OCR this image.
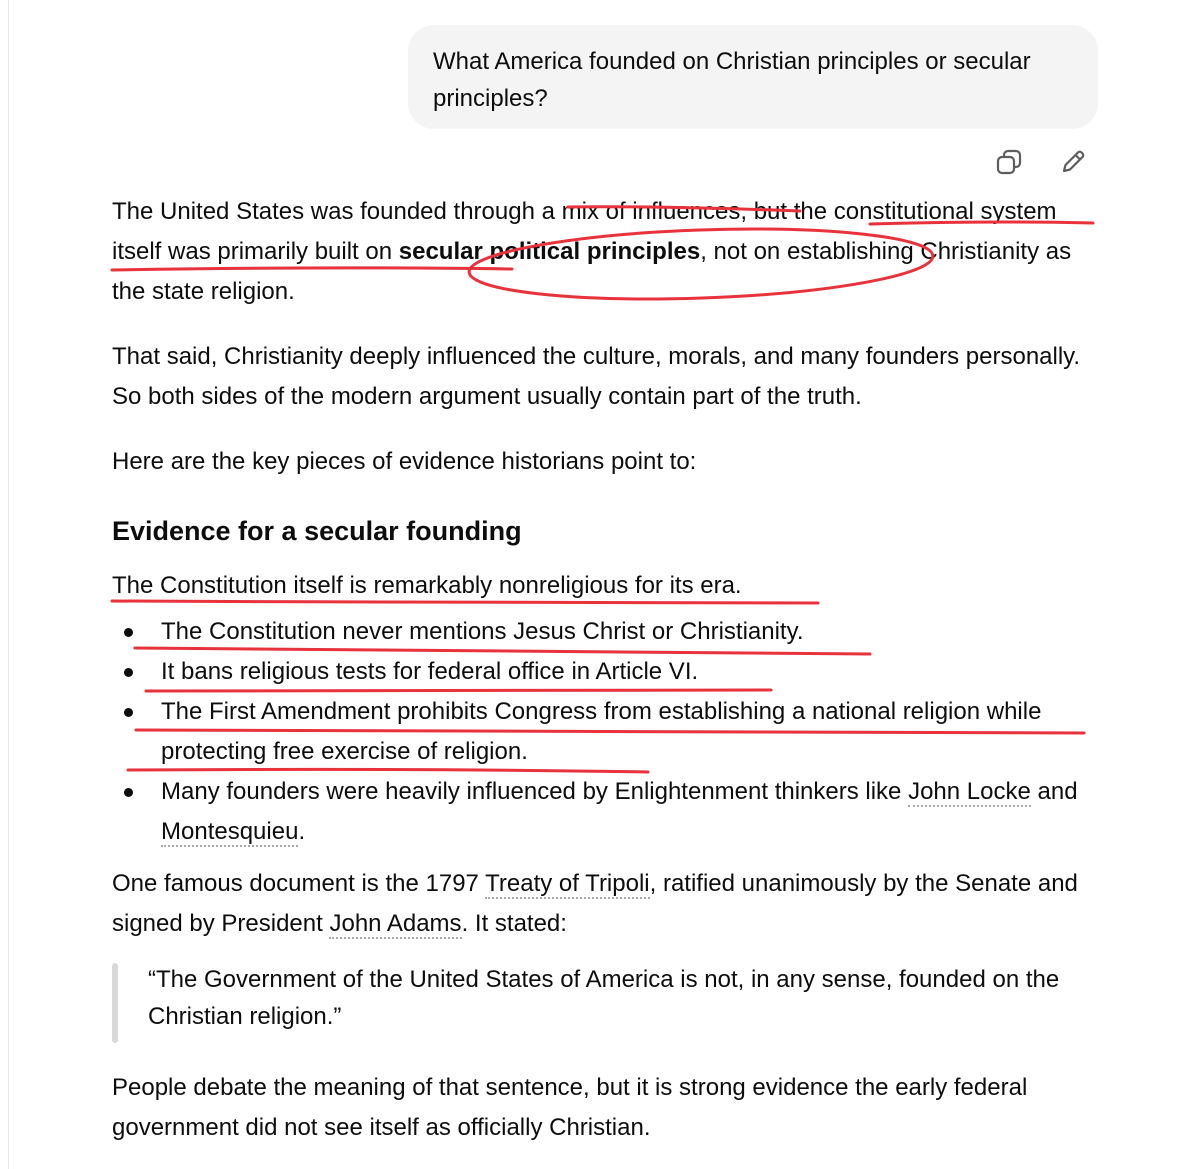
What America founded on Christian principles or secular principles?

The United States was founded through a mix of influences, but the constitutional system itself was primarily built on secular political principles, not on establishing Christianity as the state religion.

That said, Christianity deeply influenced the culture, morals, and many founders personally. So both sides of the modern argument usually contain part of the truth.

Here are the key pieces of evidence historians point to:

Evidence for a secular founding

The Constitution itself is remarkably nonreligious for its era.

The Constitution never mentions Jesus Christ or Christianity.
It bans religious tests for federal office in Article VI.
The First Amendment prohibits Congress from establishing a national religion while protecting free exercise of religion.
Many founders were heavily influenced by Enlightenment thinkers like John Locke and Montesquieu.

One famous document is the 1797 Treaty of Tripoli, ratified unanimously by the Senate and signed by President John Adams. It stated:

“The Government of the United States of America is not, in any sense, founded on the Christian religion.”

People debate the meaning of that sentence, but it is strong evidence the early federal government did not see itself as officially Christian.
